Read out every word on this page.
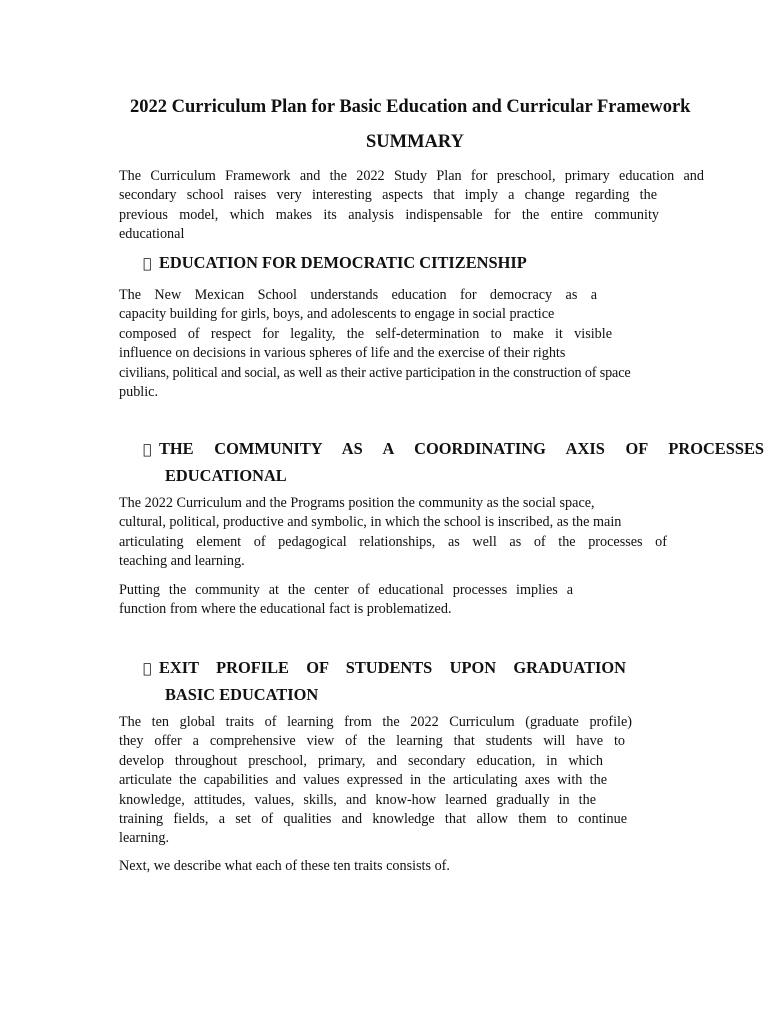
2022 Curriculum Plan for Basic Education and Curricular Framework
SUMMARY

The Curriculum Framework and the 2022 Study Plan for preschool, primary education and
secondary school raises very interesting aspects that imply a change regarding the
previous model, which makes its analysis indispensable for the entire community
educational

EDUCATION FOR DEMOCRATIC CITIZENSHIP

The New Mexican School understands education for democracy as a
capacity building for girls, boys, and adolescents to engage in social practice
composed of respect for legality, the self-determination to make it visible
influence on decisions in various spheres of life and the exercise of their rights
civilians, political and social, as well as their active participation in the construction of space
public.

THE COMMUNITY AS A COORDINATING AXIS OF PROCESSES
EDUCATIONAL

The 2022 Curriculum and the Programs position the community as the social space,
cultural, political, productive and symbolic, in which the school is inscribed, as the main
articulating element of pedagogical relationships, as well as of the processes of
teaching and learning.

Putting the community at the center of educational processes implies a
function from where the educational fact is problematized.

EXIT PROFILE OF STUDENTS UPON GRADUATION
BASIC EDUCATION

The ten global traits of learning from the 2022 Curriculum (graduate profile)
they offer a comprehensive view of the learning that students will have to
develop throughout preschool, primary, and secondary education, in which
articulate the capabilities and values expressed in the articulating axes with the
knowledge, attitudes, values, skills, and know-how learned gradually in the
training fields, a set of qualities and knowledge that allow them to continue
learning.

Next, we describe what each of these ten traits consists of.
